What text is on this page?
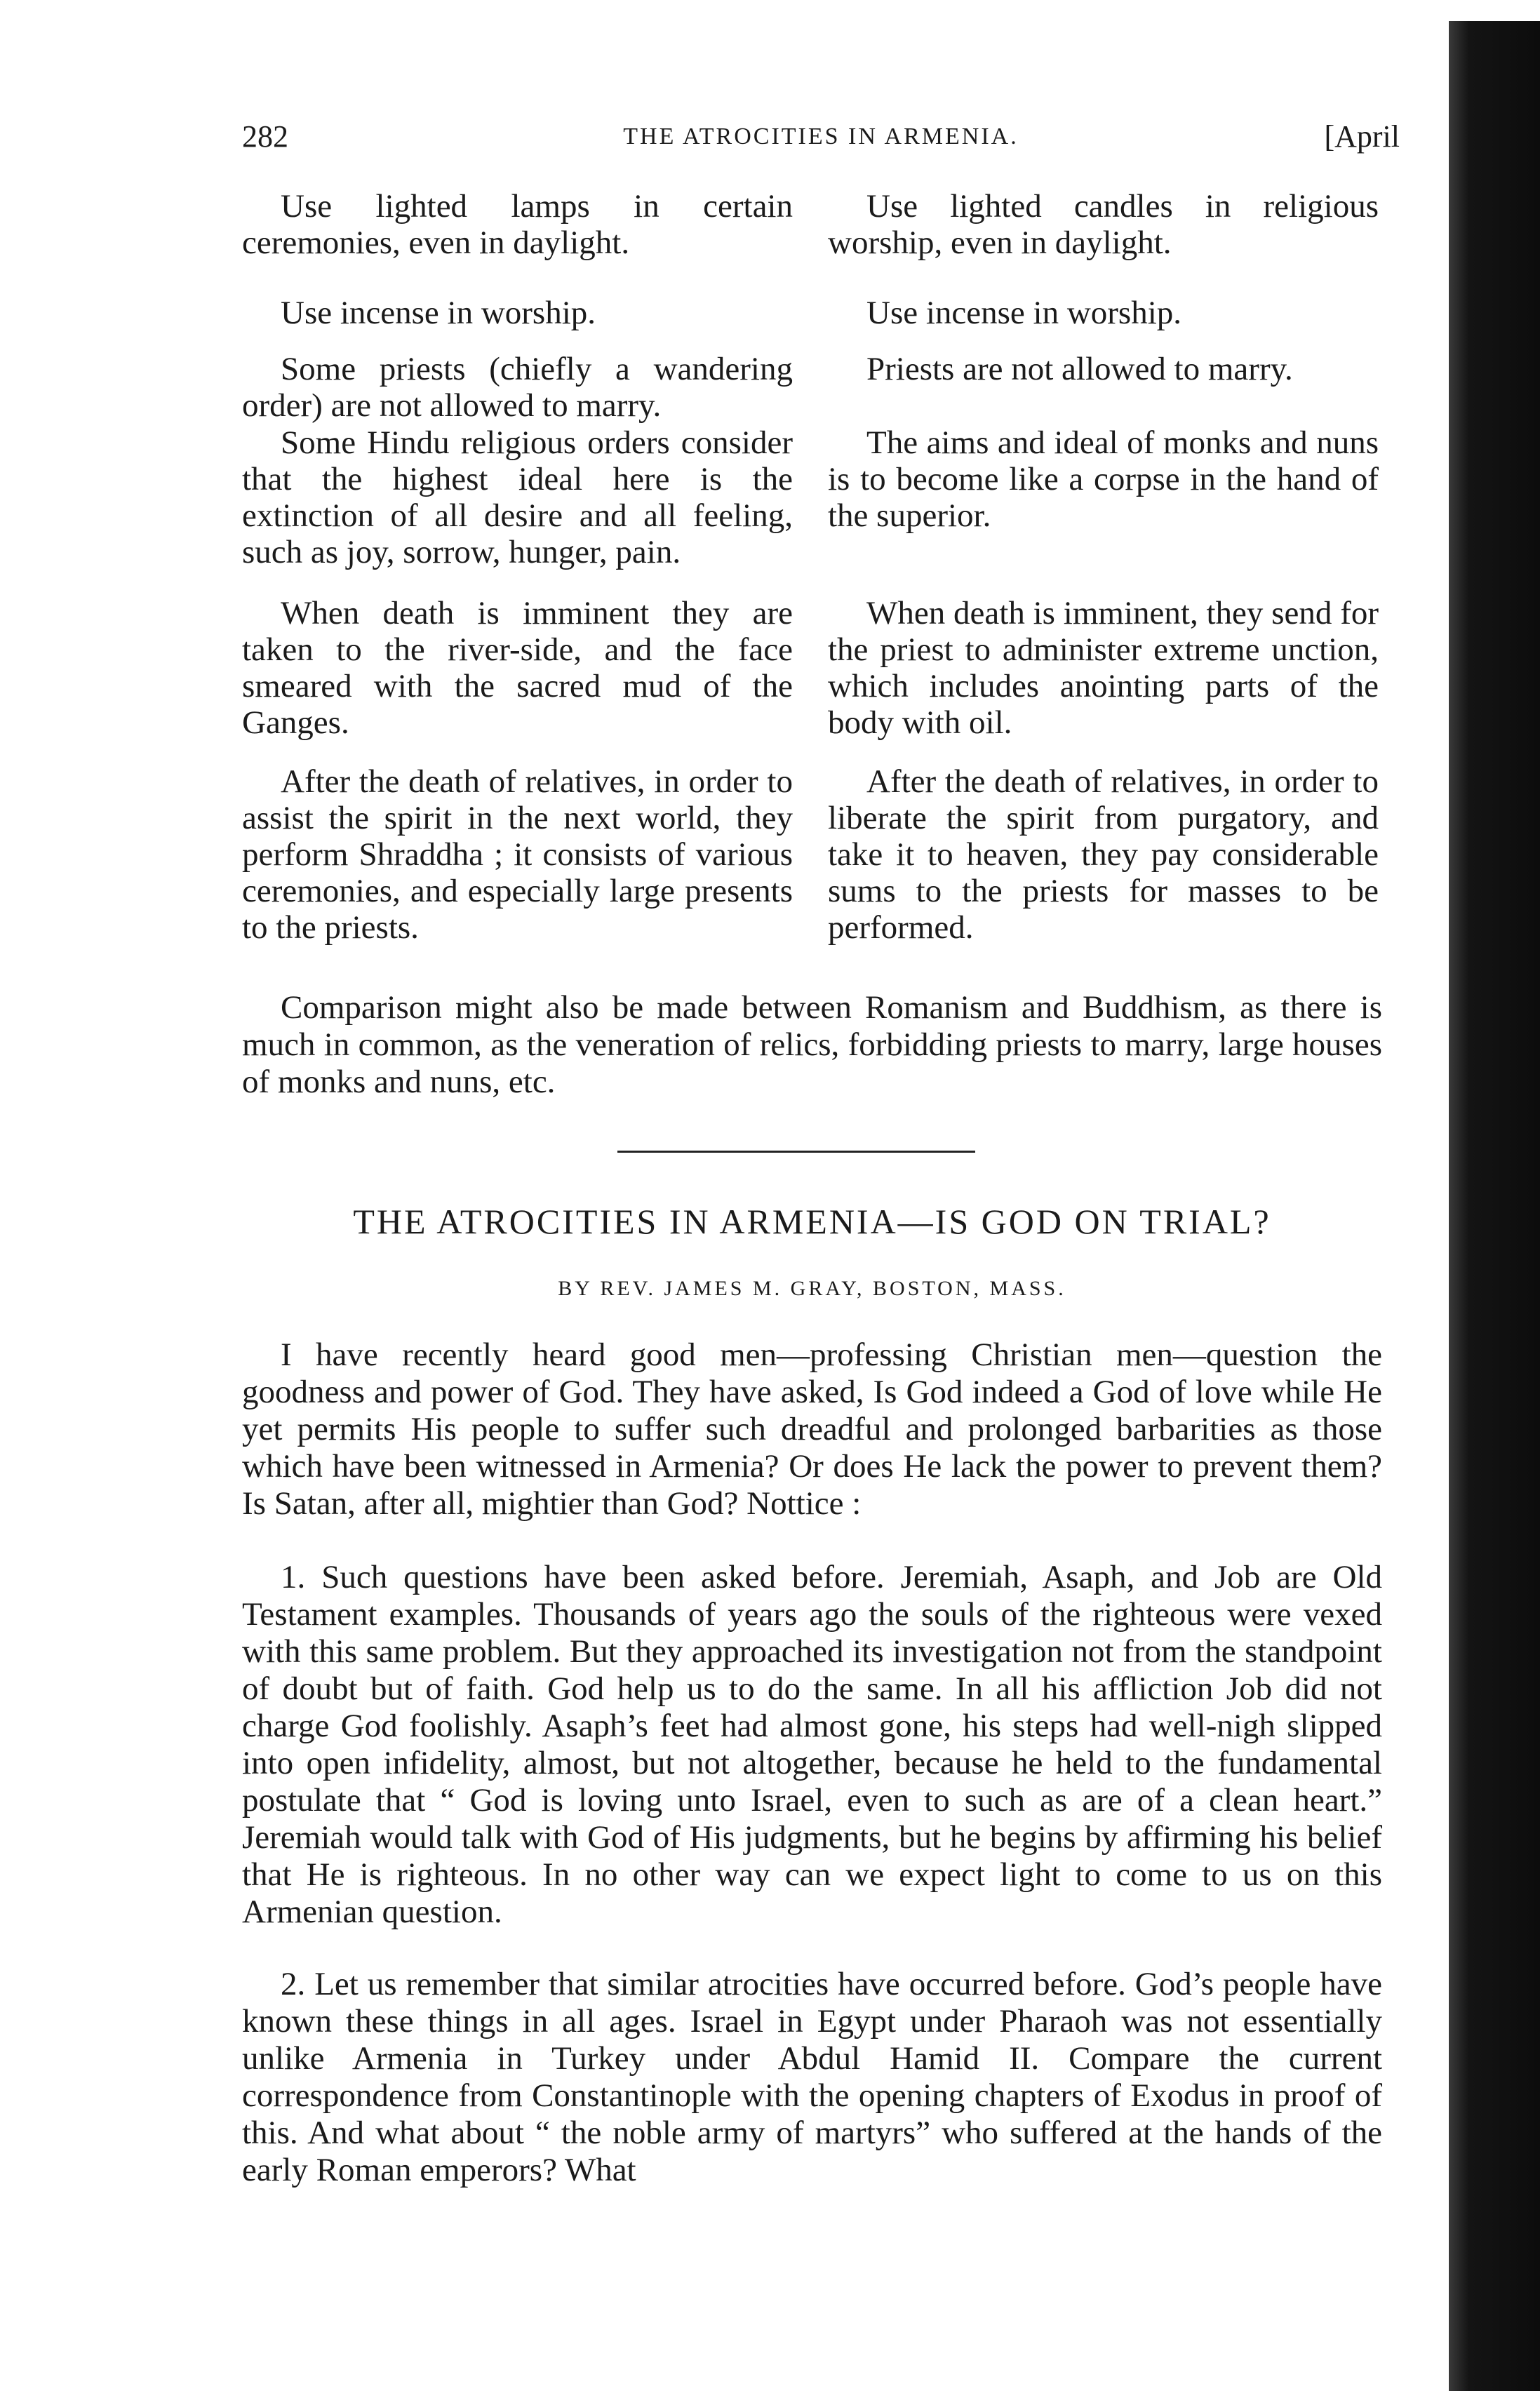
282	THE ATROCITIES IN ARMENIA.	[April

Use lighted lamps in certain ceremonies, even in daylight.

Use incense in worship.

Some priests (chiefly a wandering order) are not allowed to marry.

Some Hindu religious orders consider that the highest ideal here is the extinction of all desire and all feeling, such as joy, sorrow, hunger, pain.

When death is imminent they are taken to the river-side, and the face smeared with the sacred mud of the Ganges.

After the death of relatives, in order to assist the spirit in the next world, they perform Shraddha ; it consists of various ceremonies, and especially large presents to the priests.

Use lighted candles in religious worship, even in daylight.

Use incense in worship.

Priests are not allowed to marry.

The aims and ideal of monks and nuns is to become like a corpse in the hand of the superior.

When death is imminent, they send for the priest to administer extreme unction, which includes anointing parts of the body with oil.

After the death of relatives, in order to liberate the spirit from purgatory, and take it to heaven, they pay considerable sums to the priests for masses to be performed.

Comparison might also be made between Romanism and Buddhism, as there is much in common, as the veneration of relics, forbidding priests to marry, large houses of monks and nuns, etc.

THE ATROCITIES IN ARMENIA—IS GOD ON TRIAL?
BY REV. JAMES M. GRAY, BOSTON, MASS.

I have recently heard good men—professing Christian men—question the goodness and power of God. They have asked, Is God indeed a God of love while He yet permits His people to suffer such dreadful and prolonged barbarities as those which have been witnessed in Armenia? Or does He lack the power to prevent them? Is Satan, after all, mightier than God? Nottice :

1. Such questions have been asked before. Jeremiah, Asaph, and Job are Old Testament examples. Thousands of years ago the souls of the righteous were vexed with this same problem. But they approached its investigation not from the standpoint of doubt but of faith. God help us to do the same. In all his affliction Job did not charge God foolishly. Asaph’s feet had almost gone, his steps had well-nigh slipped into open infidelity, almost, but not altogether, because he held to the fundamental postulate that “ God is loving unto Israel, even to such as are of a clean heart.” Jeremiah would talk with God of His judgments, but he begins by affirming his belief that He is righteous. In no other way can we expect light to come to us on this Armenian question.

2. Let us remember that similar atrocities have occurred before. God’s people have known these things in all ages. Israel in Egypt under Pharaoh was not essentially unlike Armenia in Turkey under Abdul Hamid II. Compare the current correspondence from Constantinople with the opening chapters of Exodus in proof of this. And what about “ the noble army of martyrs” who suffered at the hands of the early Roman emperors? What
